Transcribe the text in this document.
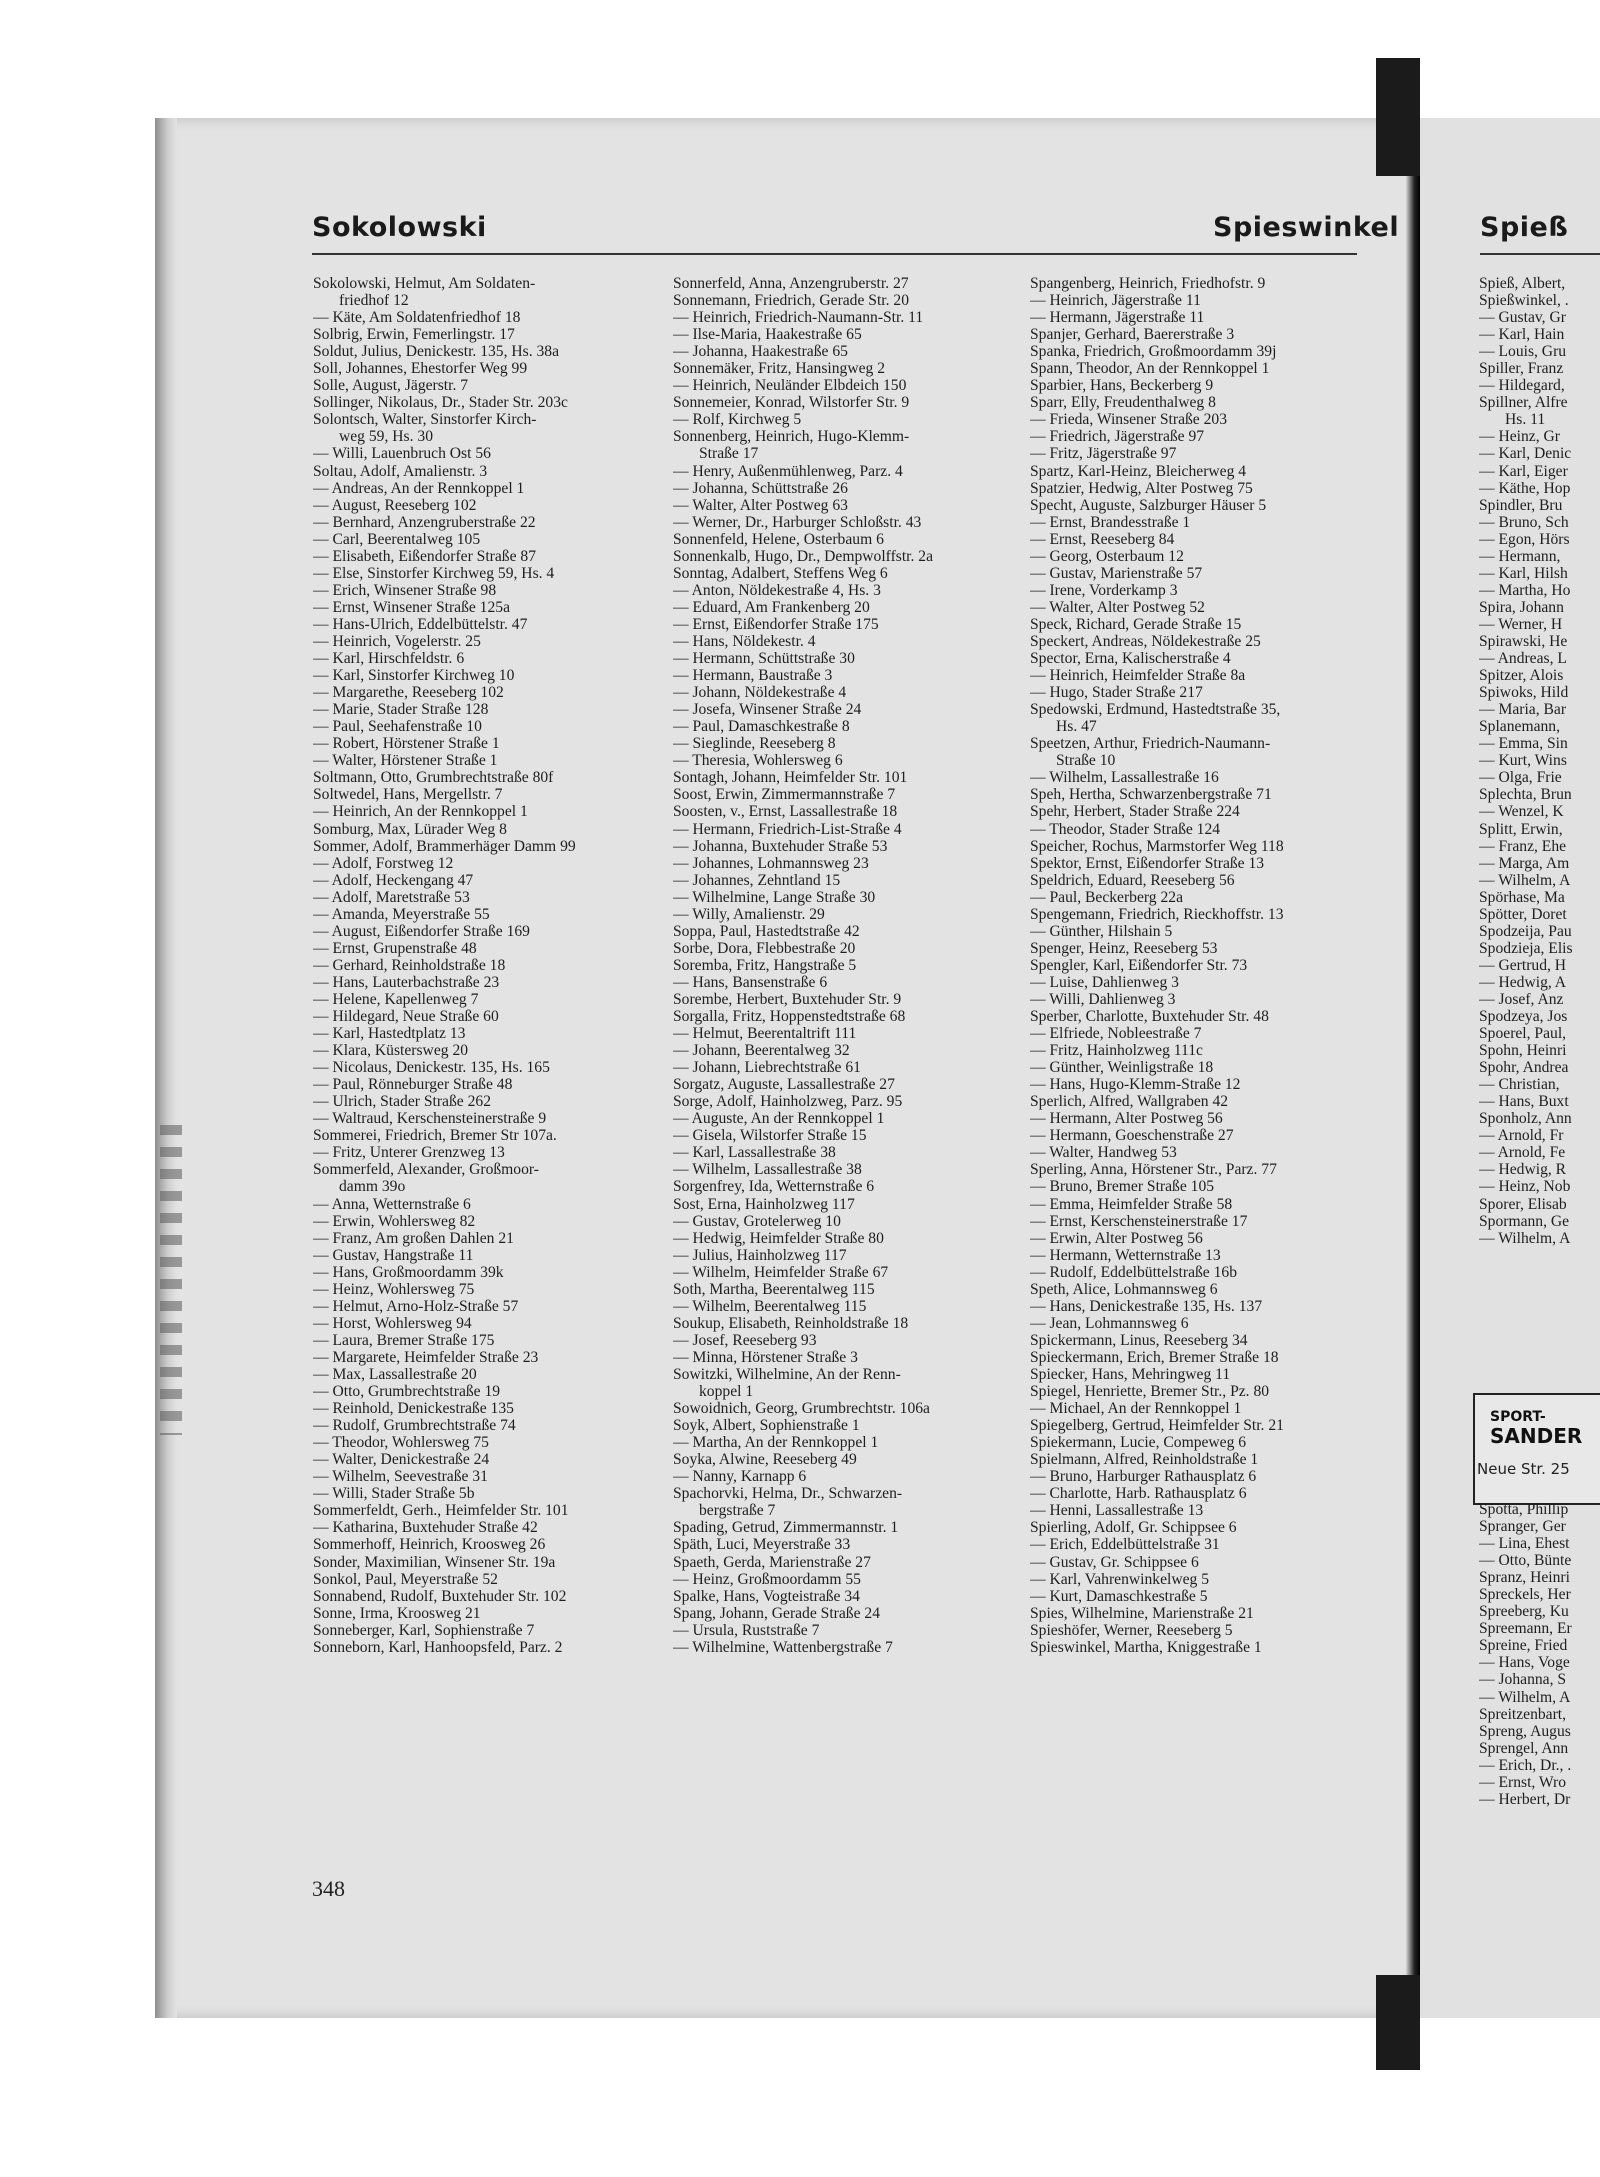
Sokolowski	Spieswinkel	Spieß
Sokolowski, Helmut, Am Soldaten-
friedhof 12
— Käte, Am Soldatenfriedhof 18
Solbrig, Erwin, Femerlingstr. 17
Soldut, Julius, Denickestr. 135, Hs. 38a
Soll, Johannes, Ehestorfer Weg 99
Solle, August, Jägerstr. 7
Sollinger, Nikolaus, Dr., Stader Str. 203c
Solontsch, Walter, Sinstorfer Kirch-
weg 59, Hs. 30
— Willi, Lauenbruch Ost 56
Soltau, Adolf, Amalienstr. 3
— Andreas, An der Rennkoppel 1
— August, Reeseberg 102
— Bernhard, Anzengruberstraße 22
— Carl, Beerentalweg 105
— Elisabeth, Eißendorfer Straße 87
— Else, Sinstorfer Kirchweg 59, Hs. 4
— Erich, Winsener Straße 98
— Ernst, Winsener Straße 125a
— Hans-Ulrich, Eddelbüttelstr. 47
— Heinrich, Vogelerstr. 25
— Karl, Hirschfeldstr. 6
— Karl, Sinstorfer Kirchweg 10
— Margarethe, Reeseberg 102
— Marie, Stader Straße 128
— Paul, Seehafenstraße 10
— Robert, Hörstener Straße 1
— Walter, Hörstener Straße 1
Soltmann, Otto, Grumbrechtstraße 80f
Soltwedel, Hans, Mergellstr. 7
— Heinrich, An der Rennkoppel 1
Somburg, Max, Lürader Weg 8
Sommer, Adolf, Brammerhäger Damm 99
— Adolf, Forstweg 12
— Adolf, Heckengang 47
— Adolf, Maretstraße 53
— Amanda, Meyerstraße 55
— August, Eißendorfer Straße 169
— Ernst, Grupenstraße 48
— Gerhard, Reinholdstraße 18
— Hans, Lauterbachstraße 23
— Helene, Kapellenweg 7
— Hildegard, Neue Straße 60
— Karl, Hastedtplatz 13
— Klara, Küstersweg 20
— Nicolaus, Denickestr. 135, Hs. 165
— Paul, Rönneburger Straße 48
— Ulrich, Stader Straße 262
— Waltraud, Kerschensteinerstraße 9
Sommerei, Friedrich, Bremer Str 107a.
— Fritz, Unterer Grenzweg 13
Sommerfeld, Alexander, Großmoor-
damm 39o
— Anna, Wetternstraße 6
— Erwin, Wohlersweg 82
— Franz, Am großen Dahlen 21
— Gustav, Hangstraße 11
— Hans, Großmoordamm 39k
— Heinz, Wohlersweg 75
— Helmut, Arno-Holz-Straße 57
— Horst, Wohlersweg 94
— Laura, Bremer Straße 175
— Margarete, Heimfelder Straße 23
— Max, Lassallestraße 20
— Otto, Grumbrechtstraße 19
— Reinhold, Denickestraße 135
— Rudolf, Grumbrechtstraße 74
— Theodor, Wohlersweg 75
— Walter, Denickestraße 24
— Wilhelm, Seevestraße 31
— Willi, Stader Straße 5b
Sommerfeldt, Gerh., Heimfelder Str. 101
— Katharina, Buxtehuder Straße 42
Sommerhoff, Heinrich, Kroosweg 26
Sonder, Maximilian, Winsener Str. 19a
Sonkol, Paul, Meyerstraße 52
Sonnabend, Rudolf, Buxtehuder Str. 102
Sonne, Irma, Kroosweg 21
Sonneberger, Karl, Sophienstraße 7
Sonneborn, Karl, Hanhoopsfeld, Parz. 2
Sonnerfeld, Anna, Anzengruberstr. 27
Sonnemann, Friedrich, Gerade Str. 20
— Heinrich, Friedrich-Naumann-Str. 11
— Ilse-Maria, Haakestraße 65
— Johanna, Haakestraße 65
Sonnemäker, Fritz, Hansingweg 2
— Heinrich, Neuländer Elbdeich 150
Sonnemeier, Konrad, Wilstorfer Str. 9
— Rolf, Kirchweg 5
Sonnenberg, Heinrich, Hugo-Klemm-
Straße 17
— Henry, Außenmühlenweg, Parz. 4
— Johanna, Schüttstraße 26
— Walter, Alter Postweg 63
— Werner, Dr., Harburger Schloßstr. 43
Sonnenfeld, Helene, Osterbaum 6
Sonnenkalb, Hugo, Dr., Dempwolffstr. 2a
Sonntag, Adalbert, Steffens Weg 6
— Anton, Nöldekestraße 4, Hs. 3
— Eduard, Am Frankenberg 20
— Ernst, Eißendorfer Straße 175
— Hans, Nöldekestr. 4
— Hermann, Schüttstraße 30
— Hermann, Baustraße 3
— Johann, Nöldekestraße 4
— Josefa, Winsener Straße 24
— Paul, Damaschkestraße 8
— Sieglinde, Reeseberg 8
— Theresia, Wohlersweg 6
Sontagh, Johann, Heimfelder Str. 101
Soost, Erwin, Zimmermannstraße 7
Soosten, v., Ernst, Lassallestraße 18
— Hermann, Friedrich-List-Straße 4
— Johanna, Buxtehuder Straße 53
— Johannes, Lohmannsweg 23
— Johannes, Zehntland 15
— Wilhelmine, Lange Straße 30
— Willy, Amalienstr. 29
Soppa, Paul, Hastedtstraße 42
Sorbe, Dora, Flebbestraße 20
Soremba, Fritz, Hangstraße 5
— Hans, Bansenstraße 6
Sorembe, Herbert, Buxtehuder Str. 9
Sorgalla, Fritz, Hoppenstedtstraße 68
— Helmut, Beerentaltrift 111
— Johann, Beerentalweg 32
— Johann, Liebrechtstraße 61
Sorgatz, Auguste, Lassallestraße 27
Sorge, Adolf, Hainholzweg, Parz. 95
— Auguste, An der Rennkoppel 1
— Gisela, Wilstorfer Straße 15
— Karl, Lassallestraße 38
— Wilhelm, Lassallestraße 38
Sorgenfrey, Ida, Wetternstraße 6
Sost, Erna, Hainholzweg 117
— Gustav, Grotelerweg 10
— Hedwig, Heimfelder Straße 80
— Julius, Hainholzweg 117
— Wilhelm, Heimfelder Straße 67
Soth, Martha, Beerentalweg 115
— Wilhelm, Beerentalweg 115
Soukup, Elisabeth, Reinholdstraße 18
— Josef, Reeseberg 93
— Minna, Hörstener Straße 3
Sowitzki, Wilhelmine, An der Renn-
koppel 1
Sowoidnich, Georg, Grumbrechtstr. 106a
Soyk, Albert, Sophienstraße 1
— Martha, An der Rennkoppel 1
Soyka, Alwine, Reeseberg 49
— Nanny, Karnapp 6
Spachorvki, Helma, Dr., Schwarzen-
bergstraße 7
Spading, Getrud, Zimmermannstr. 1
Späth, Luci, Meyerstraße 33
Spaeth, Gerda, Marienstraße 27
— Heinz, Großmoordamm 55
Spalke, Hans, Vogteistraße 34
Spang, Johann, Gerade Straße 24
— Ursula, Ruststraße 7
— Wilhelmine, Wattenbergstraße 7
Spangenberg, Heinrich, Friedhofstr. 9
— Heinrich, Jägerstraße 11
— Hermann, Jägerstraße 11
Spanjer, Gerhard, Baererstraße 3
Spanka, Friedrich, Großmoordamm 39j
Spann, Theodor, An der Rennkoppel 1
Sparbier, Hans, Beckerberg 9
Sparr, Elly, Freudenthalweg 8
— Frieda, Winsener Straße 203
— Friedrich, Jägerstraße 97
— Fritz, Jägerstraße 97
Spartz, Karl-Heinz, Bleicherweg 4
Spatzier, Hedwig, Alter Postweg 75
Specht, Auguste, Salzburger Häuser 5
— Ernst, Brandesstraße 1
— Ernst, Reeseberg 84
— Georg, Osterbaum 12
— Gustav, Marienstraße 57
— Irene, Vorderkamp 3
— Walter, Alter Postweg 52
Speck, Richard, Gerade Straße 15
Speckert, Andreas, Nöldekestraße 25
Spector, Erna, Kalischerstraße 4
— Heinrich, Heimfelder Straße 8a
— Hugo, Stader Straße 217
Spedowski, Erdmund, Hastedtstraße 35,
Hs. 47
Speetzen, Arthur, Friedrich-Naumann-
Straße 10
— Wilhelm, Lassallestraße 16
Speh, Hertha, Schwarzenbergstraße 71
Spehr, Herbert, Stader Straße 224
— Theodor, Stader Straße 124
Speicher, Rochus, Marmstorfer Weg 118
Spektor, Ernst, Eißendorfer Straße 13
Speldrich, Eduard, Reeseberg 56
— Paul, Beckerberg 22a
Spengemann, Friedrich, Rieckhoffstr. 13
— Günther, Hilshain 5
Spenger, Heinz, Reeseberg 53
Spengler, Karl, Eißendorfer Str. 73
— Luise, Dahlienweg 3
— Willi, Dahlienweg 3
Sperber, Charlotte, Buxtehuder Str. 48
— Elfriede, Nobleestraße 7
— Fritz, Hainholzweg 111c
— Günther, Weinligstraße 18
— Hans, Hugo-Klemm-Straße 12
Sperlich, Alfred, Wallgraben 42
— Hermann, Alter Postweg 56
— Hermann, Goeschenstraße 27
— Walter, Handweg 53
Sperling, Anna, Hörstener Str., Parz. 77
— Bruno, Bremer Straße 105
— Emma, Heimfelder Straße 58
— Ernst, Kerschensteinerstraße 17
— Erwin, Alter Postweg 56
— Hermann, Wetternstraße 13
— Rudolf, Eddelbüttelstraße 16b
Speth, Alice, Lohmannsweg 6
— Hans, Denickestraße 135, Hs. 137
— Jean, Lohmannsweg 6
Spickermann, Linus, Reeseberg 34
Spieckermann, Erich, Bremer Straße 18
Spiecker, Hans, Mehringweg 11
Spiegel, Henriette, Bremer Str., Pz. 80
— Michael, An der Rennkoppel 1
Spiegelberg, Gertrud, Heimfelder Str. 21
Spiekermann, Lucie, Compeweg 6
Spielmann, Alfred, Reinholdstraße 1
— Bruno, Harburger Rathausplatz 6
— Charlotte, Harb. Rathausplatz 6
— Henni, Lassallestraße 13
Spierling, Adolf, Gr. Schippsee 6
— Erich, Eddelbüttelstraße 31
— Gustav, Gr. Schippsee 6
— Karl, Vahrenwinkelweg 5
— Kurt, Damaschkestraße 5
Spies, Wilhelmine, Marienstraße 21
Spieshöfer, Werner, Reeseberg 5
Spieswinkel, Martha, Kniggestraße 1
Spieß, Albert,
Spießwinkel, .
— Gustav, Gr
— Karl, Hain
— Louis, Gru
Spiller, Franz
— Hildegard,
Spillner, Alfre
Hs. 11
— Heinz, Gr
— Karl, Denic
— Karl, Eiger
— Käthe, Hop
Spindler, Bru
— Bruno, Sch
— Egon, Hörs
— Hermann,
— Karl, Hilsh
— Martha, Ho
Spira, Johann
— Werner, H
Spirawski, He
— Andreas, L
Spitzer, Alois
Spiwoks, Hild
— Maria, Bar
Splanemann,
— Emma, Sin
— Kurt, Wins
— Olga, Frie
Splechta, Brun
— Wenzel, K
Splitt, Erwin,
— Franz, Ehe
— Marga, Am
— Wilhelm, A
Spörhase, Ma
Spötter, Doret
Spodzeija, Pau
Spodzieja, Elis
— Gertrud, H
— Hedwig, A
— Josef, Anz
Spodzeya, Jos
Spoerel, Paul,
Spohn, Heinri
Spohr, Andrea
— Christian,
— Hans, Buxt
Sponholz, Ann
— Arnold, Fr
— Arnold, Fe
— Hedwig, R
— Heinz, Nob
Sporer, Elisab
Spormann, Ge
— Wilhelm, A
SPORT-
SANDER
Neue Str. 25
Spotta, Phillip
Spranger, Ger
— Lina, Ehest
— Otto, Bünte
Spranz, Heinri
Spreckels, Her
Spreeberg, Ku
Spreemann, Er
Spreine, Fried
— Hans, Voge
— Johanna, S
— Wilhelm, A
Spreitzenbart,
Spreng, Augus
Sprengel, Ann
— Erich, Dr., .
— Ernst, Wro
— Herbert, Dr
348
